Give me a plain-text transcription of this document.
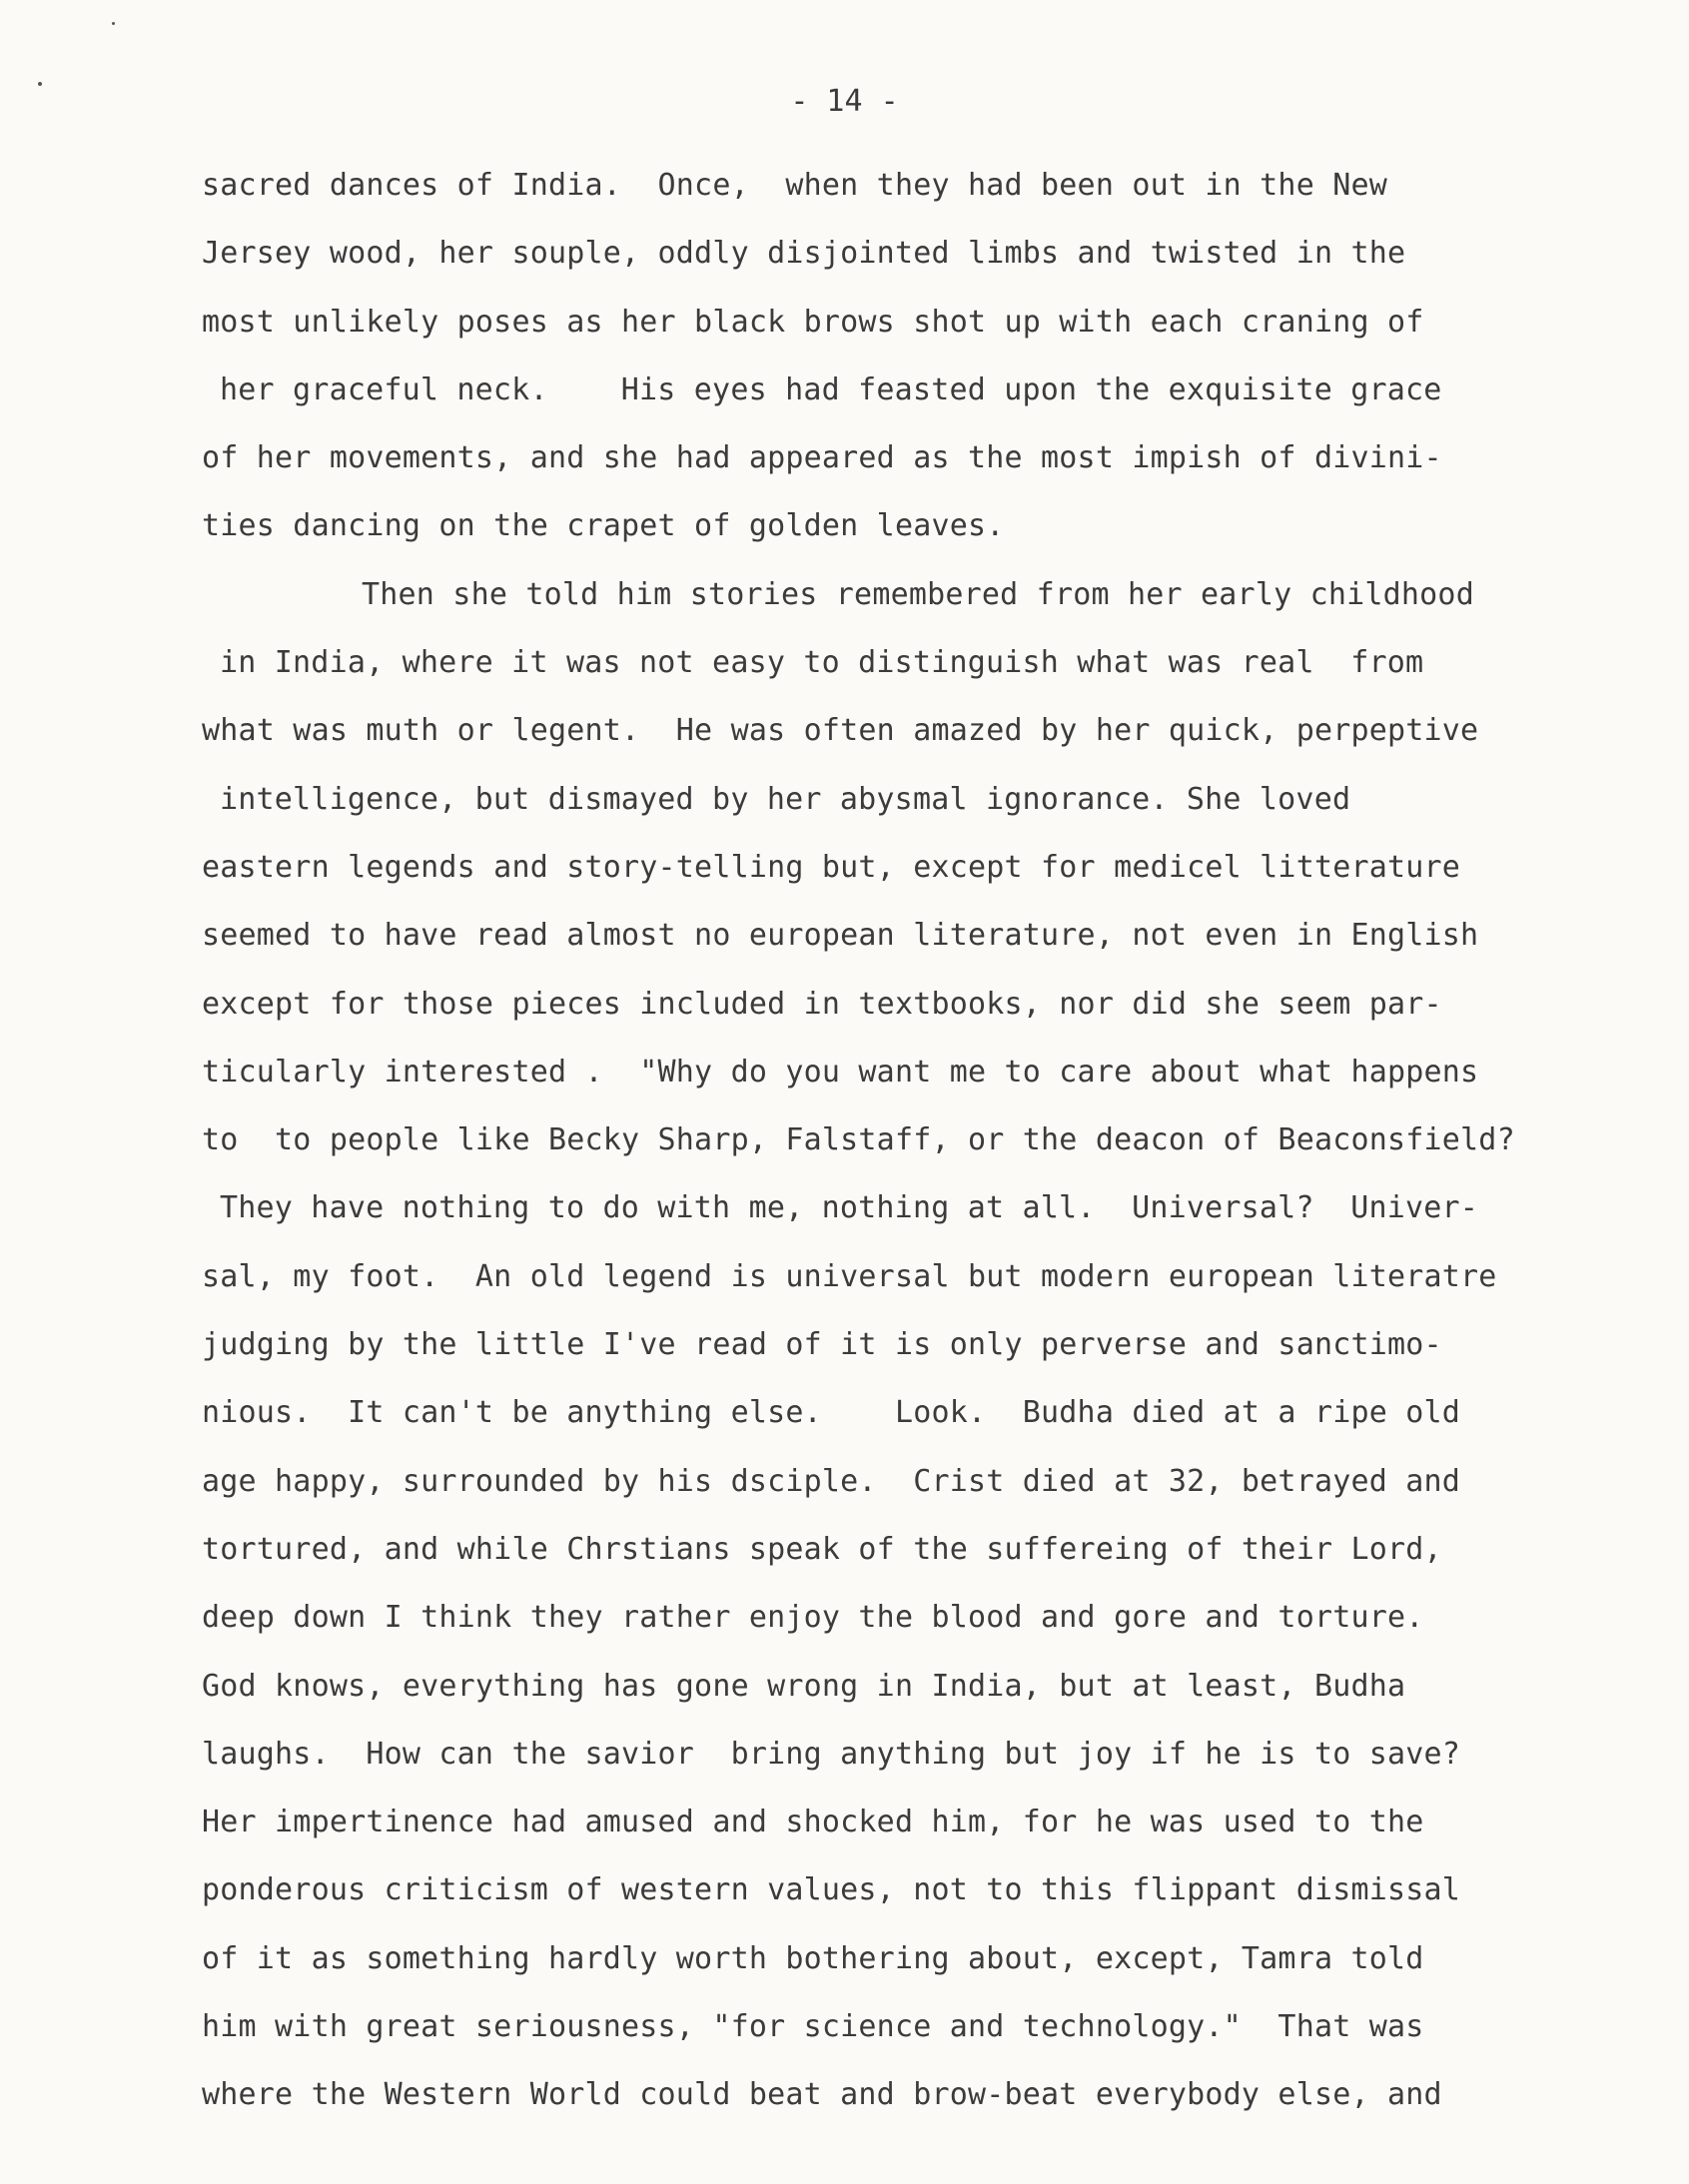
- 14 -
sacred dances of India.  Once,  when they had been out in the New
Jersey wood, her souple, oddly disjointed limbs and twisted in the
most unlikely poses as her black brows shot up with each craning of
her graceful neck.    His eyes had feasted upon the exquisite grace
of her movements, and she had appeared as the most impish of divini-
ties dancing on the crapet of golden leaves.
Then she told him stories remembered from her early childhood
in India, where it was not easy to distinguish what was real  from
what was muth or legent.  He was often amazed by her quick, perpeptive
intelligence, but dismayed by her abysmal ignorance. She loved
eastern legends and story-telling but, except for medicel litterature
seemed to have read almost no european literature, not even in English
except for those pieces included in textbooks, nor did she seem par-
ticularly interested .  "Why do you want me to care about what happens
to  to people like Becky Sharp, Falstaff, or the deacon of Beaconsfield?
They have nothing to do with me, nothing at all.  Universal?  Univer-
sal, my foot.  An old legend is universal but modern european literatre
judging by the little I've read of it is only perverse and sanctimo-
nious.  It can't be anything else.    Look.  Budha died at a ripe old
age happy, surrounded by his dsciple.  Crist died at 32, betrayed and
tortured, and while Chrstians speak of the suffereing of their Lord,
deep down I think they rather enjoy the blood and gore and torture.
God knows, everything has gone wrong in India, but at least, Budha
laughs.  How can the savior  bring anything but joy if he is to save?
Her impertinence had amused and shocked him, for he was used to the
ponderous criticism of western values, not to this flippant dismissal
of it as something hardly worth bothering about, except, Tamra told
him with great seriousness, "for science and technology."  That was
where the Western World could beat and brow-beat everybody else, and
